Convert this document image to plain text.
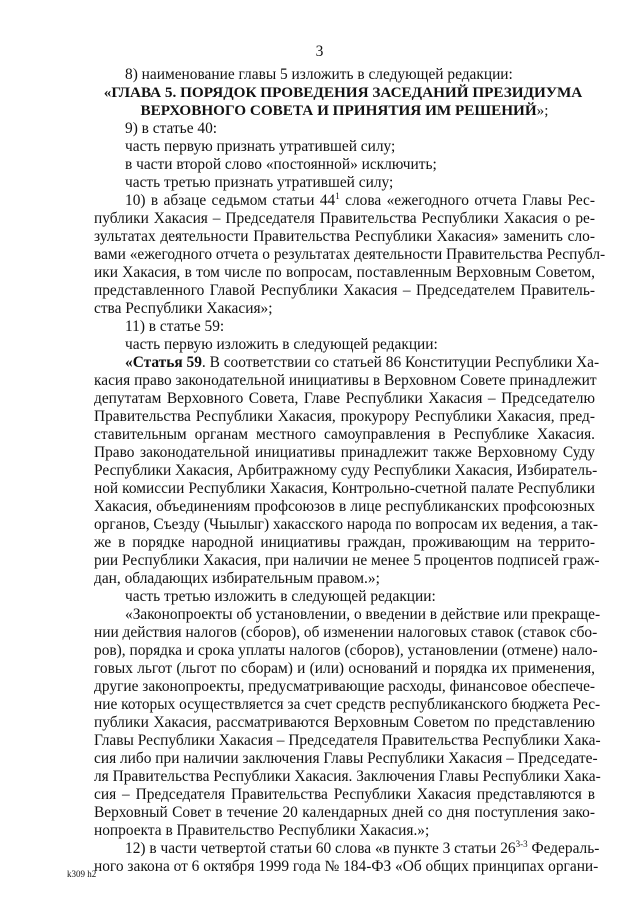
3
8) наименование главы 5 изложить в следующей редакции:
«ГЛАВА 5. ПОРЯДОК ПРОВЕДЕНИЯ ЗАСЕДАНИЙ ПРЕЗИДИУМА
ВЕРХОВНОГО СОВЕТА И ПРИНЯТИЯ ИМ РЕШЕНИЙ»;
9) в статье 40:
часть первую признать утратившей силу;
в части второй слово «постоянной» исключить;
часть третью признать утратившей силу;
10) в абзаце седьмом статьи $44^1$ слова «ежегодного отчета Главы Рес-
публики Хакасия – Председателя Правительства Республики Хакасия о ре-
зультатах деятельности Правительства Республики Хакасия» заменить сло-
вами «ежегодного отчета о результатах деятельности Правительства Республ-
ики Хакасия, в том числе по вопросам, поставленным Верховным Советом,
представленного Главой Республики Хакасия – Председателем Правитель-
ства Республики Хакасия»;
11) в статье 59:
часть первую изложить в следующей редакции:
«Статья 59. В соответствии со статьей 86 Конституции Республики Ха-
касия право законодательной инициативы в Верховном Совете принадлежит
депутатам Верховного Совета, Главе Республики Хакасия – Председателю
Правительства Республики Хакасия, прокурору Республики Хакасия, пред-
ставительным органам местного самоуправления в Республике Хакасия.
Право законодательной инициативы принадлежит также Верховному Суду
Республики Хакасия, Арбитражному суду Республики Хакасия, Избиратель-
ной комиссии Республики Хакасия, Контрольно-счетной палате Республики
Хакасия, объединениям профсоюзов в лице республиканских профсоюзных
органов, Съезду (Чыылыг) хакасского народа по вопросам их ведения, а так-
же в порядке народной инициативы граждан, проживающим на террито-
рии Республики Хакасия, при наличии не менее 5 процентов подписей граж-
дан, обладающих избирательным правом.»;
часть третью изложить в следующей редакции:
«Законопроекты об установлении, о введении в действие или прекраще-
нии действия налогов (сборов), об изменении налоговых ставок (ставок сбо-
ров), порядка и срока уплаты налогов (сборов), установлении (отмене) нало-
говых льгот (льгот по сборам) и (или) оснований и порядка их применения,
другие законопроекты, предусматривающие расходы, финансовое обеспече-
ние которых осуществляется за счет средств республиканского бюджета Рес-
публики Хакасия, рассматриваются Верховным Советом по представлению
Главы Республики Хакасия – Председателя Правительства Республики Хака-
сия либо при наличии заключения Главы Республики Хакасия – Председате-
ля Правительства Республики Хакасия. Заключения Главы Республики Хака-
сия – Председателя Правительства Республики Хакасия представляются в
Верховный Совет в течение 20 календарных дней со дня поступления зако-
нопроекта в Правительство Республики Хакасия.»;
12) в части четвертой статьи 60 слова «в пункте 3 статьи 26$^{3-3}$ Федераль-
ного закона от 6 октября 1999 года № 184-ФЗ «Об общих принципах органи-
k309 h2
